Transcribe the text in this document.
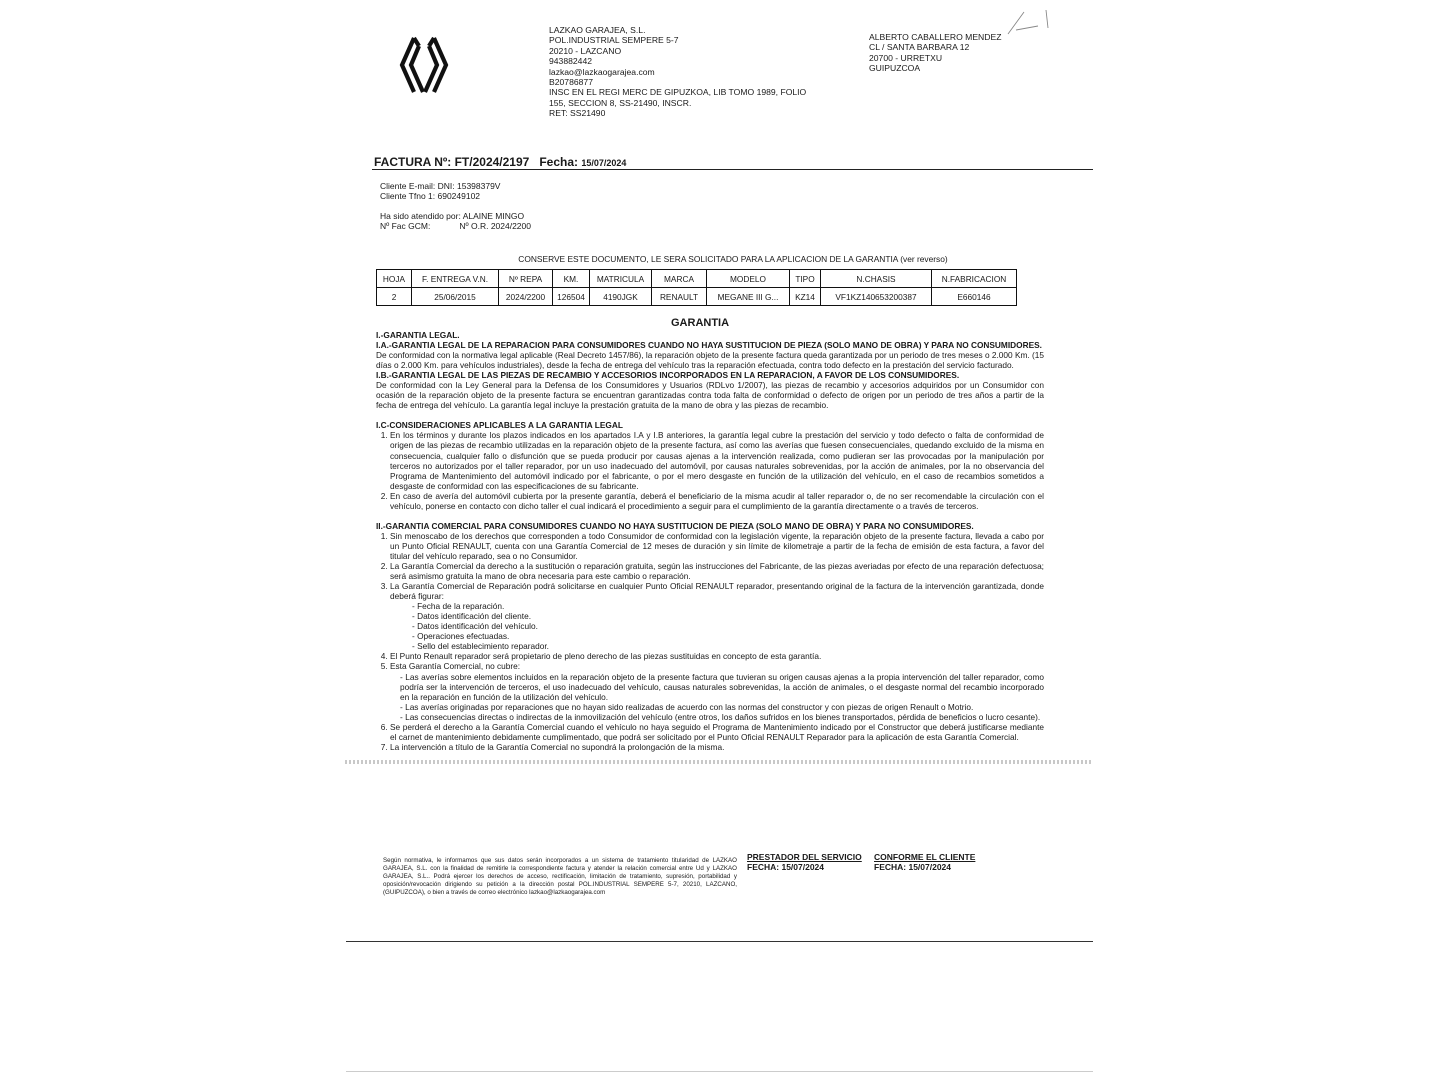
LAZKAO GARAJEA, S.L.
POL.INDUSTRIAL SEMPERE 5-7
20210 - LAZCANO
943882442
lazkao@lazkaogarajea.com
B20786877
INSC EN EL REGI MERC DE GIPUZKOA, LIB TOMO 1989, FOLIO
155, SECCION 8, SS-21490, INSCR.
RET: SS21490
ALBERTO CABALLERO MENDEZ
CL / SANTA BARBARA 12
20700 - URRETXU
GUIPUZCOA
FACTURA Nº: FT/2024/2197 Fecha: 15/07/2024
Cliente E-mail: DNI: 15398379V
Cliente Tfno 1: 690249102
Ha sido atendido por: ALAINE MINGO
Nº Fac GCM:	Nº O.R. 2024/2200
CONSERVE ESTE DOCUMENTO, LE SERA SOLICITADO PARA LA APLICACION DE LA GARANTIA (ver reverso)
HOJA	F. ENTREGA V.N.	Nº REPA	KM.	MATRICULA	MARCA	MODELO	TIPO	N.CHASIS	N.FABRICACION
2	25/06/2015	2024/2200	126504	4190JGK	RENAULT	MEGANE III G...	KZ14	VF1KZ140653200387	E660146
GARANTIA

I.-GARANTIA LEGAL.

I.A.-GARANTIA LEGAL DE LA REPARACION PARA CONSUMIDORES CUANDO NO HAYA SUSTITUCION DE PIEZA (SOLO MANO DE OBRA) Y PARA NO CONSUMIDORES.

De conformidad con la normativa legal aplicable (Real Decreto 1457/86), la reparación objeto de la presente factura queda garantizada por un periodo de tres meses o 2.000 Km. (15 días o 2.000 Km. para vehículos industriales), desde la fecha de entrega del vehículo tras la reparación efectuada, contra todo defecto en la prestación del servicio facturado.

I.B.-GARANTIA LEGAL DE LAS PIEZAS DE RECAMBIO Y ACCESORIOS INCORPORADOS EN LA REPARACION, A FAVOR DE LOS CONSUMIDORES.

De conformidad con la Ley General para la Defensa de los Consumidores y Usuarios (RDLvo 1/2007), las piezas de recambio y accesorios adquiridos por un Consumidor con ocasión de la reparación objeto de la presente factura se encuentran garantizadas contra toda falta de conformidad o defecto de origen por un periodo de tres años a partir de la fecha de entrega del vehículo. La garantía legal incluye la prestación gratuita de la mano de obra y las piezas de recambio.

I.C-CONSIDERACIONES APLICABLES A LA GARANTIA LEGAL

1. En los términos y durante los plazos indicados en los apartados I.A y I.B anteriores, la garantía legal cubre la prestación del servicio y todo defecto o falta de conformidad de origen de las piezas de recambio utilizadas en la reparación objeto de la presente factura, así como las averías que fuesen consecuenciales, quedando excluido de la misma en consecuencia, cualquier fallo o disfunción que se pueda producir por causas ajenas a la intervención realizada, como pudieran ser las provocadas por la manipulación por terceros no autorizados por el taller reparador, por un uso inadecuado del automóvil, por causas naturales sobrevenidas, por la acción de animales, por la no observancia del Programa de Mantenimiento del automóvil indicado por el fabricante, o por el mero desgaste en función de la utilización del vehículo, en el caso de recambios sometidos a desgaste de conformidad con las especificaciones de su fabricante.
2. En caso de avería del automóvil cubierta por la presente garantía, deberá el beneficiario de la misma acudir al taller reparador o, de no ser recomendable la circulación con el vehículo, ponerse en contacto con dicho taller el cual indicará el procedimiento a seguir para el cumplimiento de la garantía directamente o a través de terceros.

II.-GARANTIA COMERCIAL PARA CONSUMIDORES CUANDO NO HAYA SUSTITUCION DE PIEZA (SOLO MANO DE OBRA) Y PARA NO CONSUMIDORES.

1. Sin menoscabo de los derechos que corresponden a todo Consumidor de conformidad con la legislación vigente, la reparación objeto de la presente factura, llevada a cabo por un Punto Oficial RENAULT, cuenta con una Garantía Comercial de 12 meses de duración y sin límite de kilometraje a partir de la fecha de emisión de esta factura, a favor del titular del vehículo reparado, sea o no Consumidor.
2. La Garantía Comercial da derecho a la sustitución o reparación gratuita, según las instrucciones del Fabricante, de las piezas averiadas por efecto de una reparación defectuosa; será asimismo gratuita la mano de obra necesaria para este cambio o reparación.
3. La Garantía Comercial de Reparación podrá solicitarse en cualquier Punto Oficial RENAULT reparador, presentando original de la factura de la intervención garantizada, donde deberá figurar:
- Fecha de la reparación.
- Datos identificación del cliente.
- Datos identificación del vehículo.
- Operaciones efectuadas.
- Sello del establecimiento reparador.
4. El Punto Renault reparador será propietario de pleno derecho de las piezas sustituidas en concepto de esta garantía.
5. Esta Garantía Comercial, no cubre:
- Las averías sobre elementos incluidos en la reparación objeto de la presente factura que tuvieran su origen causas ajenas a la propia intervención del taller reparador, como podría ser la intervención de terceros, el uso inadecuado del vehículo, causas naturales sobrevenidas, la acción de animales, o el desgaste normal del recambio incorporado en la reparación en función de la utilización del vehículo.
- Las averías originadas por reparaciones que no hayan sido realizadas de acuerdo con las normas del constructor y con piezas de origen Renault o Motrio.
- Las consecuencias directas o indirectas de la inmovilización del vehículo (entre otros, los daños sufridos en los bienes transportados, pérdida de beneficios o lucro cesante).
6. Se perderá el derecho a la Garantía Comercial cuando el vehículo no haya seguido el Programa de Mantenimiento indicado por el Constructor que deberá justificarse mediante el carnet de mantenimiento debidamente cumplimentado, que podrá ser solicitado por el Punto Oficial RENAULT Reparador para la aplicación de esta Garantía Comercial.
7. La intervención a título de la Garantía Comercial no supondrá la prolongación de la misma.
Según normativa, le informamos que sus datos serán incorporados a un sistema de tratamiento titularidad de LAZKAO GARAJEA, S.L. con la finalidad de remitirle la correspondiente factura y atender la relación comercial entre Ud y LAZKAO GARAJEA, S.L.. Podrá ejercer los derechos de acceso, rectificación, limitación de tratamiento, supresión, portabilidad y oposición/revocación dirigiendo su petición a la dirección postal POL.INDUSTRIAL SEMPERE 5-7, 20210, LAZCANO, (GUIPUZCOA), o bien a través de correo electrónico lazkao@lazkaogarajea.com
PRESTADOR DEL SERVICIO
FECHA: 15/07/2024
CONFORME EL CLIENTE
FECHA: 15/07/2024
